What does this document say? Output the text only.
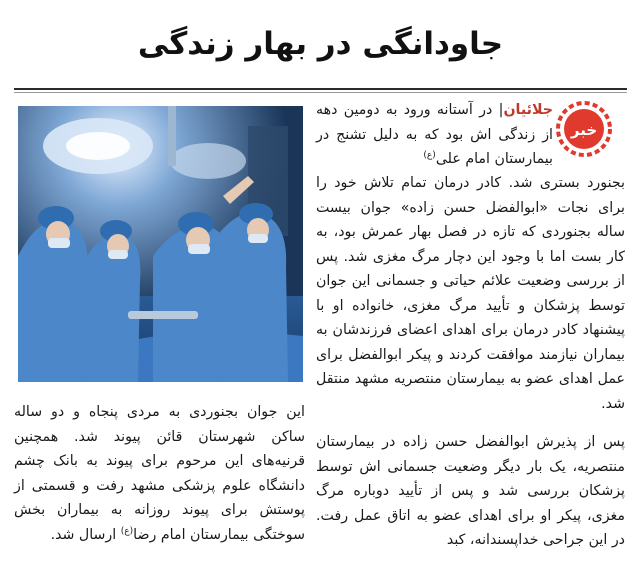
جاودانگی در بهار زندگی
خبر
جلائیان| در آستانه ورود به دومین دهه از زندگی اش بود که به دلیل تشنج در بیمارستان امام علی$^{(ع)}$

بجنورد بستری شد. کادر درمان تمام تلاش خود را برای نجات «ابوالفضل حسن زاده» جوان بیست ساله بجنوردی که تازه در فصل بهار عمرش بود، به کار بست اما با وجود این دچار مرگ مغزی شد. پس از بررسی وضعیت علائم حیاتی و جسمانی این جوان توسط پزشکان و تأیید مرگ مغزی، خانواده او با پیشنهاد کادر درمان برای اهدای اعضای فرزندشان به بیماران نیازمند موافقت کردند و پیکر ابوالفضل برای عمل اهدای عضو به بیمارستان منتصریه مشهد منتقل شد.

پس از پذیرش ابوالفضل حسن زاده در بیمارستان منتصریه، یک بار دیگر وضعیت جسمانی اش توسط پزشکان بررسی شد و پس از تأیید دوباره مرگ مغزی، پیکر او برای اهدای عضو به اتاق عمل رفت. در این جراحی خداپسندانه، کبد

این جوان بجنوردی به مردی پنجاه و دو ساله ساکن شهرستان قائن پیوند شد. همچنین قرنیه‌های این مرحوم برای پیوند به بانک چشم دانشگاه علوم پزشکی مشهد رفت و قسمتی از پوستش برای پیوند روزانه به بیماران بخش سوختگی بیمارستان امام رضا$^{(ع)}$ ارسال شد.
